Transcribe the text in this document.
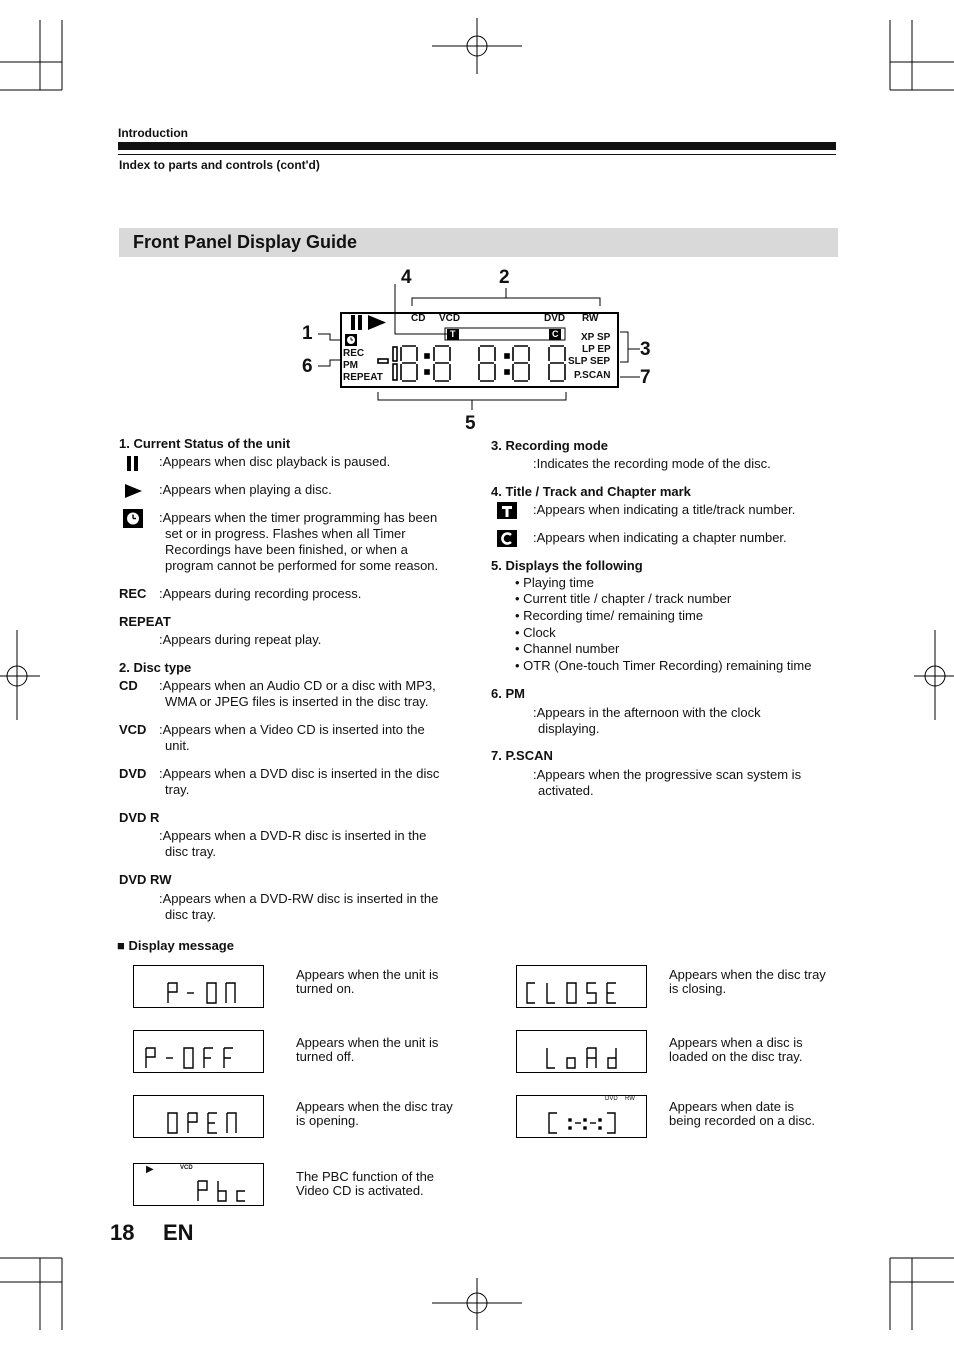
Introduction
Index to parts and controls (cont'd)
Front Panel Display Guide
4	2
1
6
3
7
5
CD VCD	DVD RW
T	C
REC
PM
REPEAT
XP SP
LP EP
SLP SEP
P.SCAN
1. Current Status of the unit
:Appears when disc playback is paused.
:Appears when playing a disc.
:Appears when the timer programming has been
set or in progress. Flashes when all Timer
Recordings have been finished, or when a
program cannot be performed for some reason.
REC :Appears during recording process.
REPEAT
:Appears during repeat play.
2. Disc type
CD :Appears when an Audio CD or a disc with MP3,
WMA or JPEG files is inserted in the disc tray.
VCD :Appears when a Video CD is inserted into the
unit.
DVD :Appears when a DVD disc is inserted in the disc
tray.
DVD R
:Appears when a DVD-R disc is inserted in the
disc tray.
DVD RW
:Appears when a DVD-RW disc is inserted in the
disc tray.
3. Recording mode
:Indicates the recording mode of the disc.
4. Title / Track and Chapter mark
:Appears when indicating a title/track number.
:Appears when indicating a chapter number.
5. Displays the following
• Playing time
• Current title / chapter / track number
• Recording time/ remaining time
• Clock
• Channel number
• OTR (One-touch Timer Recording) remaining time
6. PM
:Appears in the afternoon with the clock
displaying.
7. P.SCAN
:Appears when the progressive scan system is
activated.
■ Display message
Appears when the unit is
turned on.
Appears when the unit is
turned off.
Appears when the disc tray
is opening.
▶	VCD
The PBC function of the
Video CD is activated.
Appears when the disc tray
is closing.
Appears when a disc is
loaded on the disc tray.
DVD RW	Appears when date is
being recorded on a disc.
18 EN
